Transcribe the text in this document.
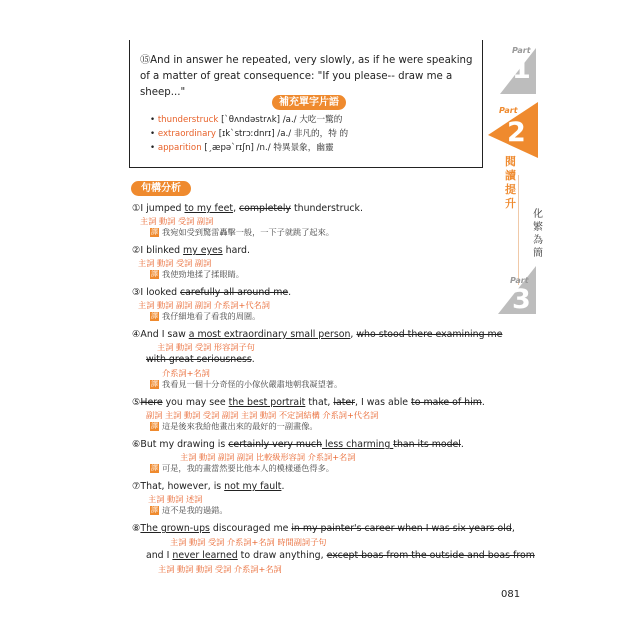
⑮And in answer he repeated, very slowly, as if he were speaking of a matter of great consequence: "If you please-- draw me a sheep..."
補充單字片語
• thunderstruck [ˋθʌndəstrʌk] /a./ 大吃一驚的
• extraordinary [ɪkˋstrɔːdnrɪ] /a./ 非凡的，特 的
• apparition [ˏæpəˋrɪʃn] /n./ 特異景象，幽靈
Part
1
Part
2
閱讀提升
化繁為簡
Part
3
句構分析
①I jumped to my feet, completely thunderstruck.
主詞 動詞 受詞 副詞
譯 我宛如受到驚雷轟擊一般，一下子就跳了起來。
②I blinked my eyes hard.
主詞 動詞 受詞 副詞
譯 我使勁地揉了揉眼睛。
③I looked carefully all around me.
主詞 動詞 副詞 副詞 介系詞+代名詞
譯 我仔細地看了看我的周圍。
④And I saw a most extraordinary small person, who stood there examining me
主詞 動詞 受詞 形容詞子句
with great seriousness.
介系詞+名詞
譯 我看見一個十分奇怪的小傢伙嚴肅地朝我凝望著。
⑤Here you may see the best portrait that, later, I was able to make of him.
副詞 主詞 動詞 受詞 副詞 主詞 動詞 不定詞結構 介系詞+代名詞
譯 這是後來我給他畫出來的最好的一副畫像。
⑥But my drawing is certainly very much less charming than its model.
主詞 動詞 副詞 副詞 比較級形容詞 介系詞+名詞
譯 可是，我的畫當然要比他本人的模樣遜色得多。
⑦That, however, is not my fault.
主詞 動詞 述詞
譯 這不是我的過錯。
⑧The grown-ups discouraged me in my painter's career when I was six years old,
主詞 動詞 受詞 介系詞+名詞 時間副詞子句
and I never learned to draw anything, except boas from the outside and boas from
主詞 動詞 動詞 受詞 介系詞+名詞
081
